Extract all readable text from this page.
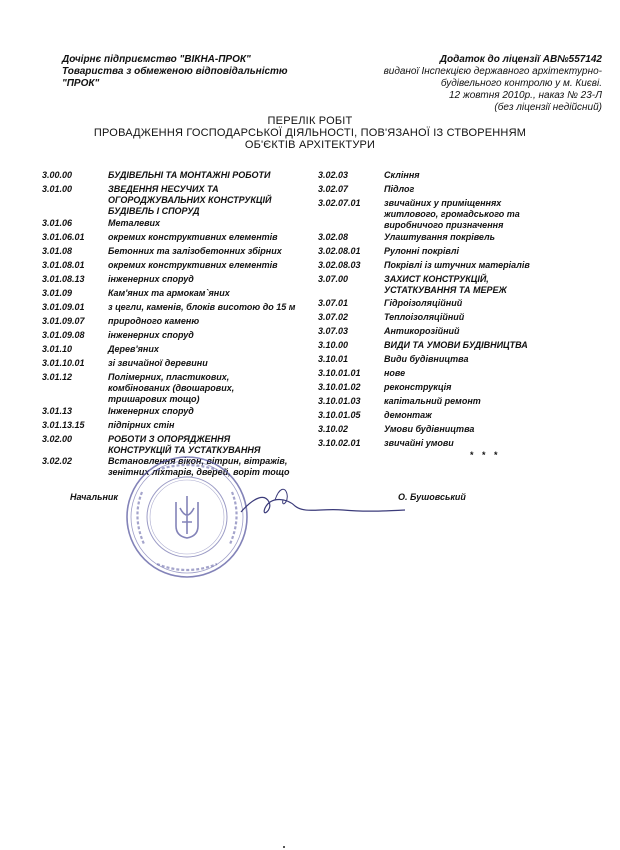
Дочірнє підприємство "ВІКНА-ПРОК"
Товариства з обмеженою відповідальністю
"ПРОК"
Додаток до ліцензії АВ№557142
виданої Інспекцією державного архітектурно-
будівельного контролю у м. Києві.
12 жовтня 2010р., наказ № 23-Л
(без ліцензії недійсний)
ПЕРЕЛІК РОБІТ
ПРОВАДЖЕННЯ ГОСПОДАРСЬКОЇ ДІЯЛЬНОСТІ, ПОВ'ЯЗАНОЇ ІЗ СТВОРЕННЯМ
ОБ'ЄКТІВ АРХІТЕКТУРИ
3.00.00	БУДІВЕЛЬНІ ТА МОНТАЖНІ РОБОТИ
3.01.00	ЗВЕДЕННЯ НЕСУЧИХ ТА
ОГОРОДЖУВАЛЬНИХ КОНСТРУКЦІЙ
БУДІВЕЛЬ І СПОРУД
3.01.06	Металевих
3.01.06.01	окремих конструктивних елементів
3.01.08	Бетонних та залізобетонних збірних
3.01.08.01	окремих конструктивних елементів
3.01.08.13	інженерних споруд
3.01.09	Кам'яних та армокам`яних
3.01.09.01	з цегли, каменів, блоків висотою до 15 м
3.01.09.07	природного каменю
3.01.09.08	інженерних споруд
3.01.10	Дерев'яних
3.01.10.01	зі звичайної деревини
3.01.12	Полімерних, пластикових,
комбінованих (двошарових,
тришарових тощо)
3.01.13	Інженерних споруд
3.01.13.15	підпірних стін
3.02.00	РОБОТИ З ОПОРЯДЖЕННЯ
КОНСТРУКЦІЙ ТА УСТАТКУВАННЯ
3.02.02	Встановлення вікон, вітрин, вітражів,
зенітних ліхтарів, дверей, воріт тощо
3.02.03	Скління
3.02.07	Підлог
3.02.07.01	звичайних у приміщеннях
житлового, громадського та
виробничого призначення
3.02.08	Улаштування покрівель
3.02.08.01	Рулонні покрівлі
3.02.08.03	Покрівлі із штучних матеріалів
3.07.00	ЗАХИСТ КОНСТРУКЦІЙ,
УСТАТКУВАННЯ ТА МЕРЕЖ
3.07.01	Гідроізоляційний
3.07.02	Теплоізоляційний
3.07.03	Антикорозійний
3.10.00	ВИДИ ТА УМОВИ БУДІВНИЦТВА
3.10.01	Види будівництва
3.10.01.01	нове
3.10.01.02	реконструкція
3.10.01.03	капітальний ремонт
3.10.01.05	демонтаж
3.10.02	Умови будівництва
3.10.02.01	звичайні умови
* * *
Начальник	О. Бушовський
